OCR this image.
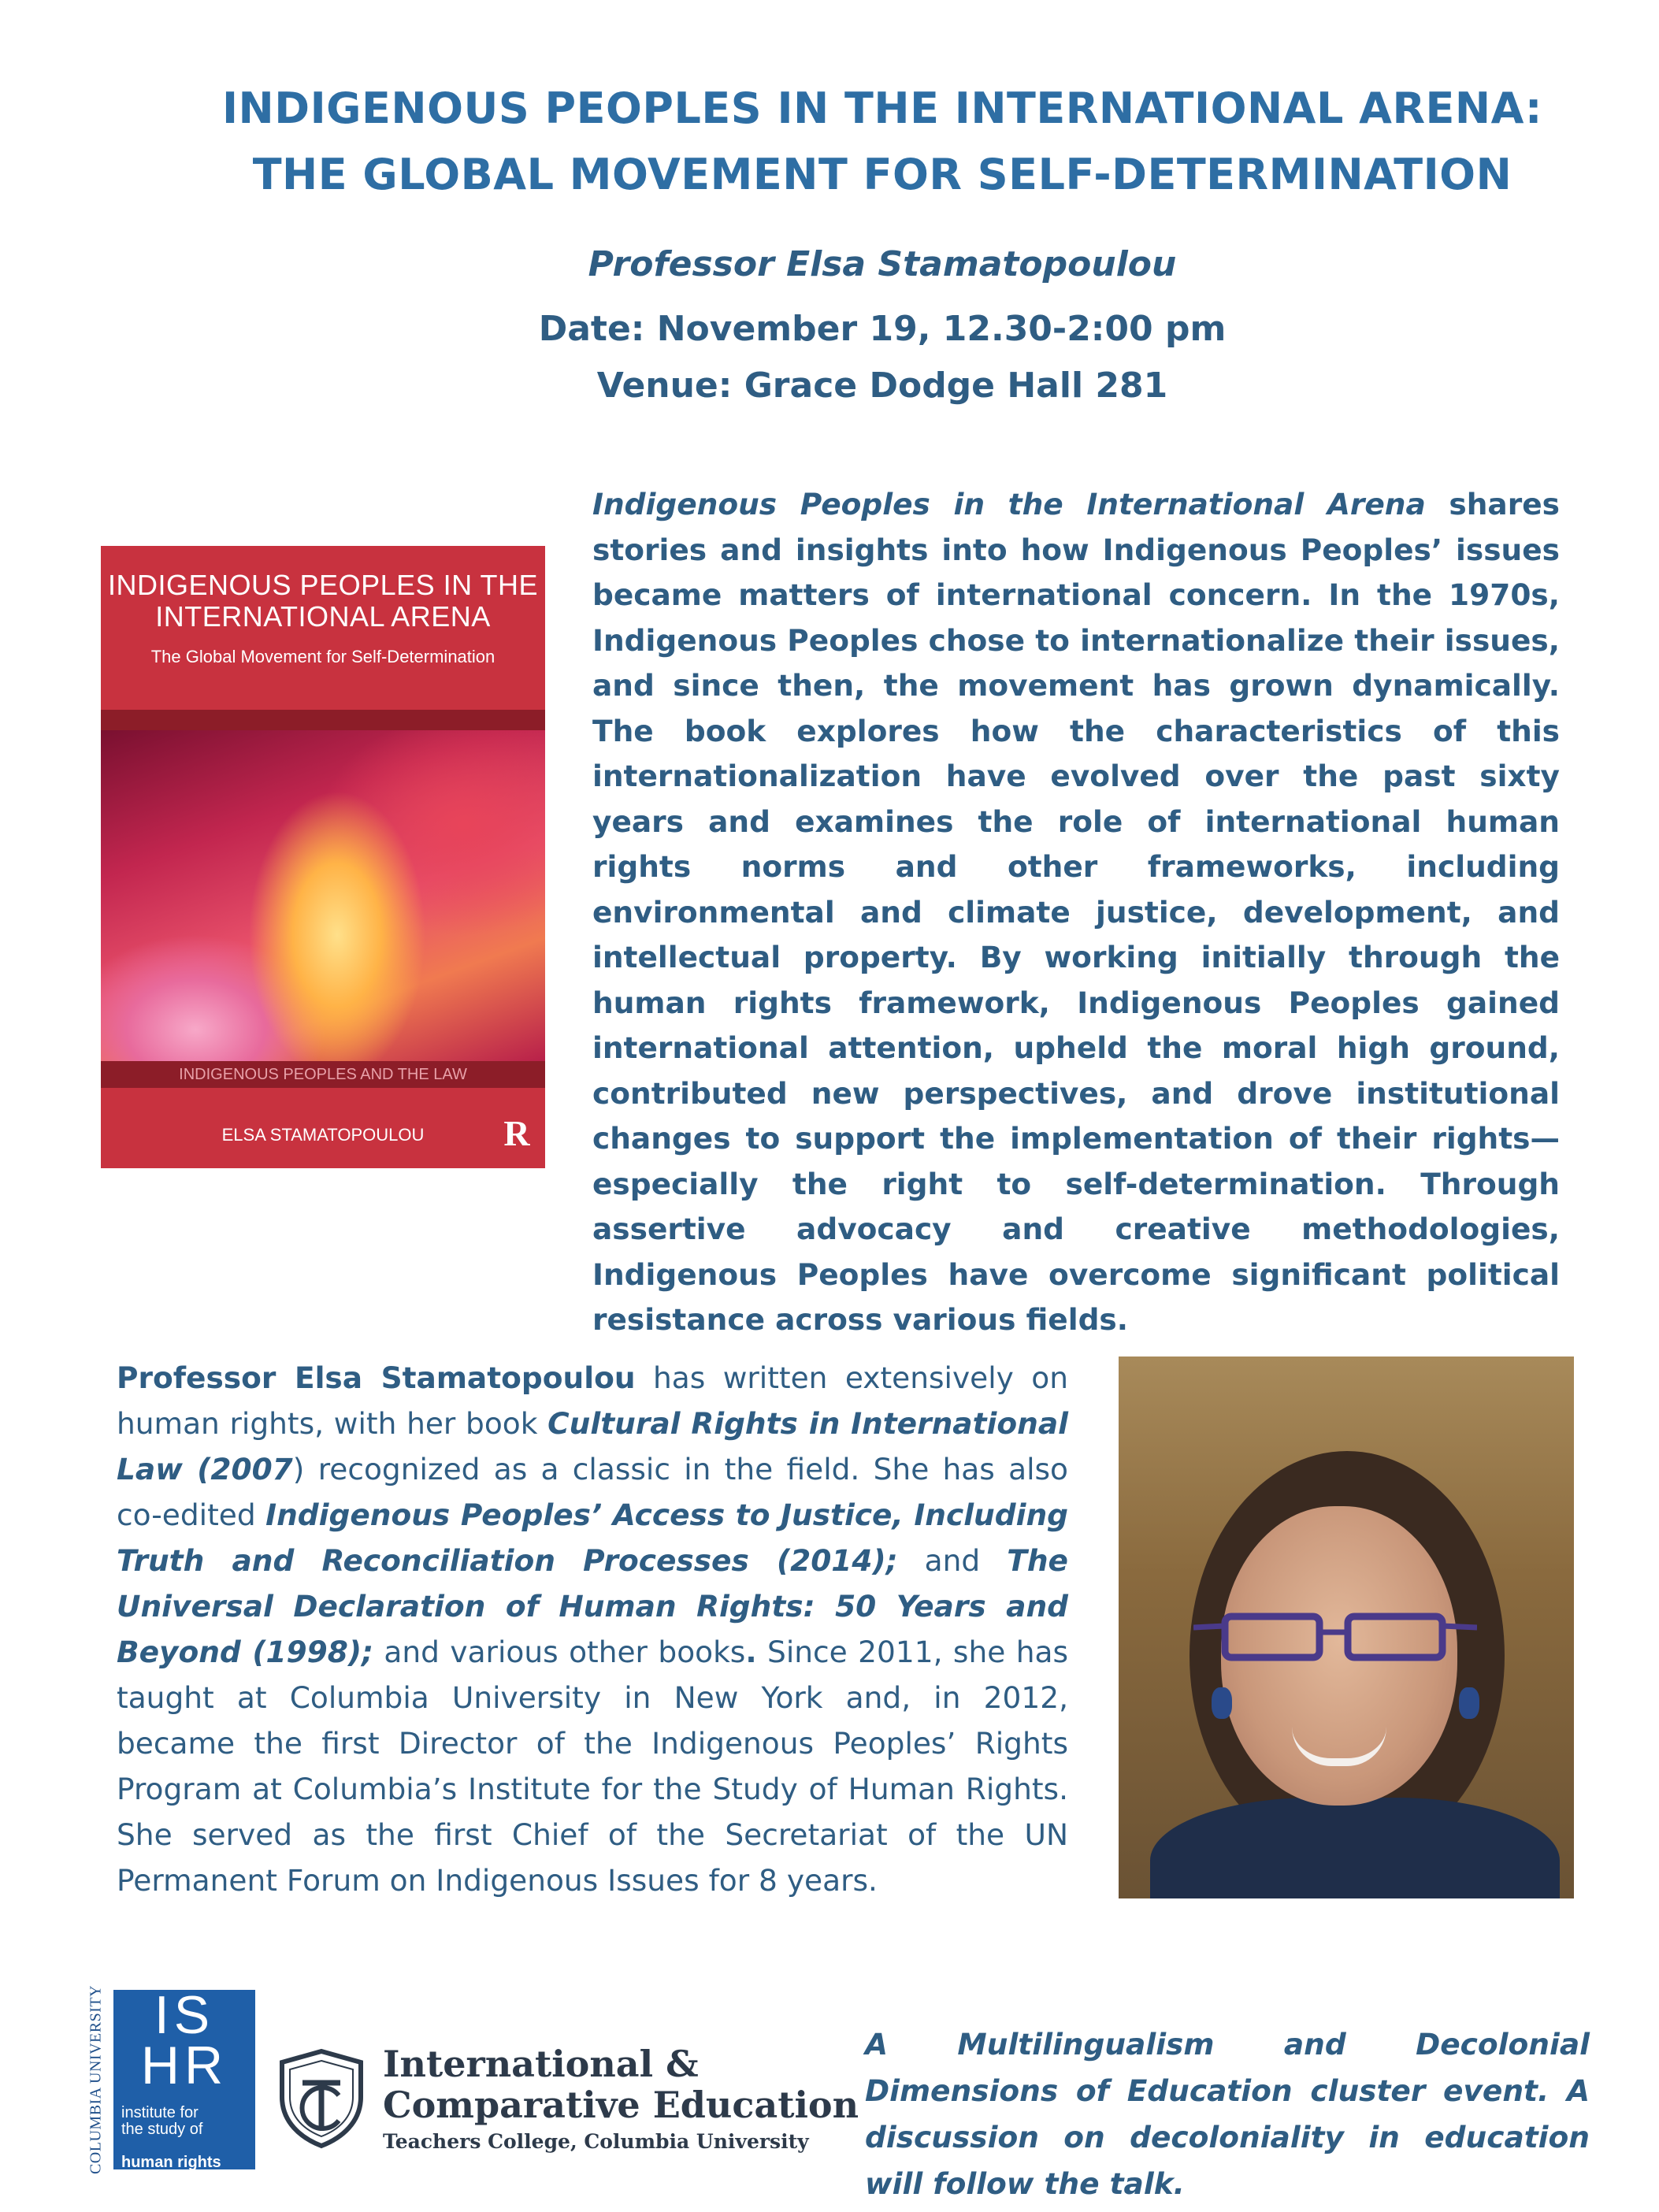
INDIGENOUS PEOPLES IN THE INTERNATIONAL ARENA:
THE GLOBAL MOVEMENT FOR SELF-DETERMINATION
Professor Elsa Stamatopoulou
Date: November 19, 12.30-2:00 pm
Venue: Grace Dodge Hall 281
INDIGENOUS PEOPLES IN THE
INTERNATIONAL ARENA
The Global Movement for Self-Determination
INDIGENOUS PEOPLES AND THE LAW
ELSA STAMATOPOULOU	R

Indigenous Peoples in the International Arena shares stories and insights into how Indigenous Peoples’ issues became matters of international concern. In the 1970s, Indigenous Peoples chose to internationalize their issues, and since then, the movement has grown dynamically. The book explores how the characteristics of this internationalization have evolved over the past sixty years and examines the role of international human rights norms and other frameworks, including environmental and climate justice, development, and intellectual property. By working initially through the human rights framework, Indigenous Peoples gained international attention, upheld the moral high ground, contributed new perspectives, and drove institutional changes to support the implementation of their rights—especially the right to self-determination. Through assertive advocacy and creative methodologies, Indigenous Peoples have overcome significant political resistance across various fields.

Professor Elsa Stamatopoulou has written extensively on human rights, with her book Cultural Rights in International Law (2007) recognized as a classic in the field. She has also co-edited Indigenous Peoples’ Access to Justice, Including Truth and Reconciliation Processes (2014); and The Universal Declaration of Human Rights: 50 Years and Beyond (1998); and various other books. Since 2011, she has taught at Columbia University in New York and, in 2012, became the first Director of the Indigenous Peoples’ Rights Program at Columbia’s Institute for the Study of Human Rights. She served as the first Chief of the Secretariat of the UN Permanent Forum on Indigenous Issues for 8 years.

COLUMBIA UNIVERSITY IS
HR
institute for
the study of
human rights
International &
Comparative Education
Teachers College, Columbia University

A Multilingualism and Decolonial Dimensions of Education cluster event. A discussion on decoloniality in education will follow the talk.
